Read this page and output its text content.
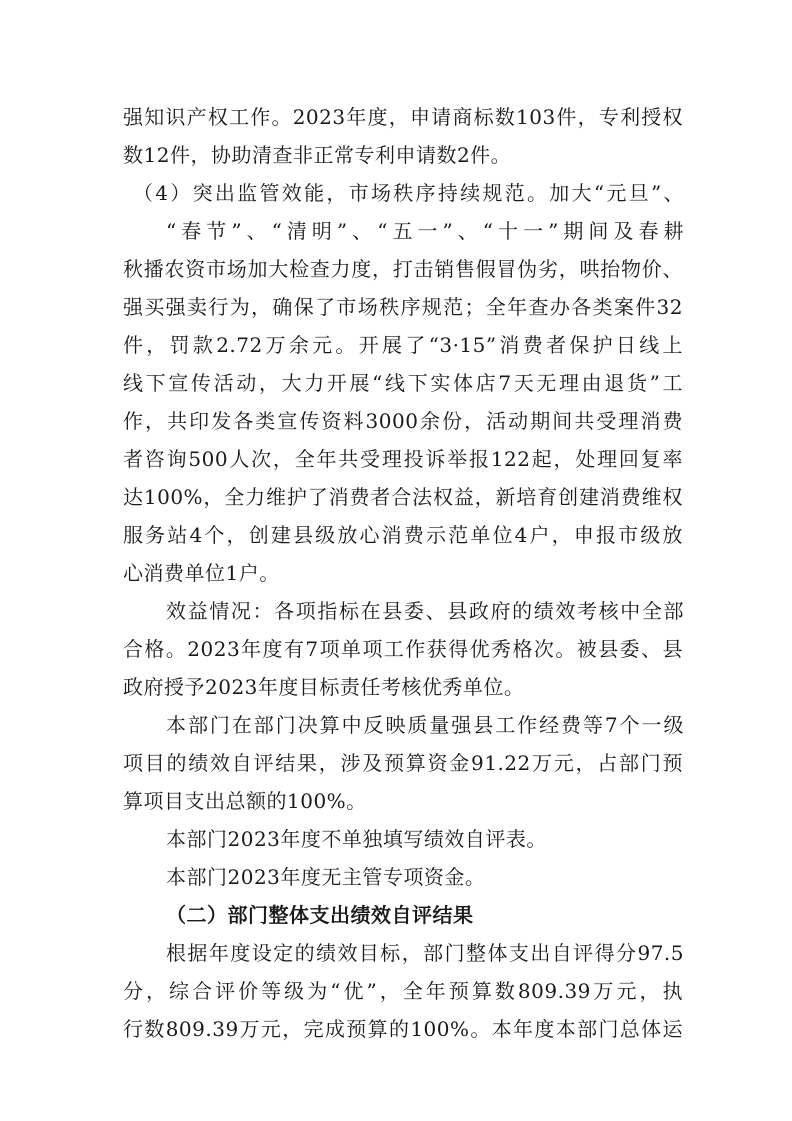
强知识产权工作。2023年度，申请商标数103件，专利授权
数12件，协助清查非正常专利申请数2件。
（4）突出监管效能，市场秩序持续规范。加大“元旦”、
“春节”、“清明”、“五一”、“十一”期间及春耕
秋播农资市场加大检查力度，打击销售假冒伪劣，哄抬物价、
强买强卖行为，确保了市场秩序规范；全年查办各类案件32
件，罚款2.72万余元。开展了“3·15”消费者保护日线上
线下宣传活动，大力开展“线下实体店7天无理由退货”工
作，共印发各类宣传资料3000余份，活动期间共受理消费
者咨询500人次，全年共受理投诉举报122起，处理回复率
达100%，全力维护了消费者合法权益，新培育创建消费维权
服务站4个，创建县级放心消费示范单位4户，申报市级放
心消费单位1户。
效益情况：各项指标在县委、县政府的绩效考核中全部
合格。2023年度有7项单项工作获得优秀格次。被县委、县
政府授予2023年度目标责任考核优秀单位。
本部门在部门决算中反映质量强县工作经费等7个一级
项目的绩效自评结果，涉及预算资金91.22万元，占部门预
算项目支出总额的100%。
本部门2023年度不单独填写绩效自评表。
本部门2023年度无主管专项资金。
（二）部门整体支出绩效自评结果
根据年度设定的绩效目标，部门整体支出自评得分97.5
分，综合评价等级为“优”，全年预算数809.39万元，执
行数809.39万元，完成预算的100%。本年度本部门总体运
